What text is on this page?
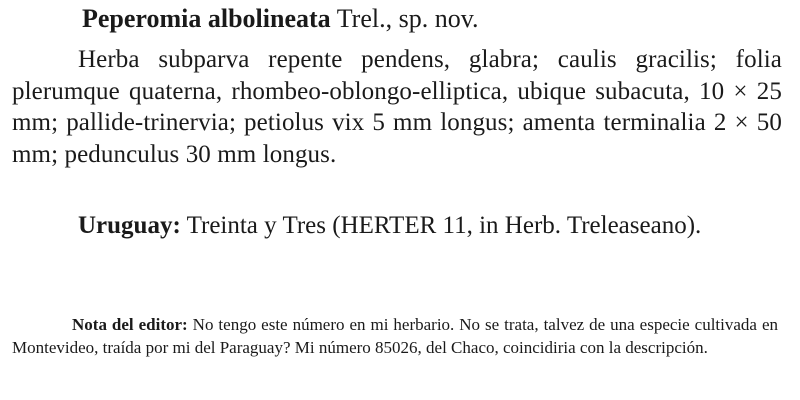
Peperomia albolineata Trel., sp. nov.
Herba subparva repente pendens, glabra; caulis gracilis; folia plerumque quaterna, rhombeo-oblongo-elliptica, ubique subacuta, 10 × 25 mm; pallide-trinervia; petiolus vix 5 mm longus; amenta terminalia 2 × 50 mm; pedunculus 30 mm longus.
Uruguay: Treinta y Tres (HERTER 11, in Herb. Treleaseano).
Nota del editor: No tengo este número en mi herbario. No se trata, talvez de una especie cultivada en Montevideo, traída por mi del Paraguay? Mi número 85026, del Chaco, coincidiria con la descripción.
